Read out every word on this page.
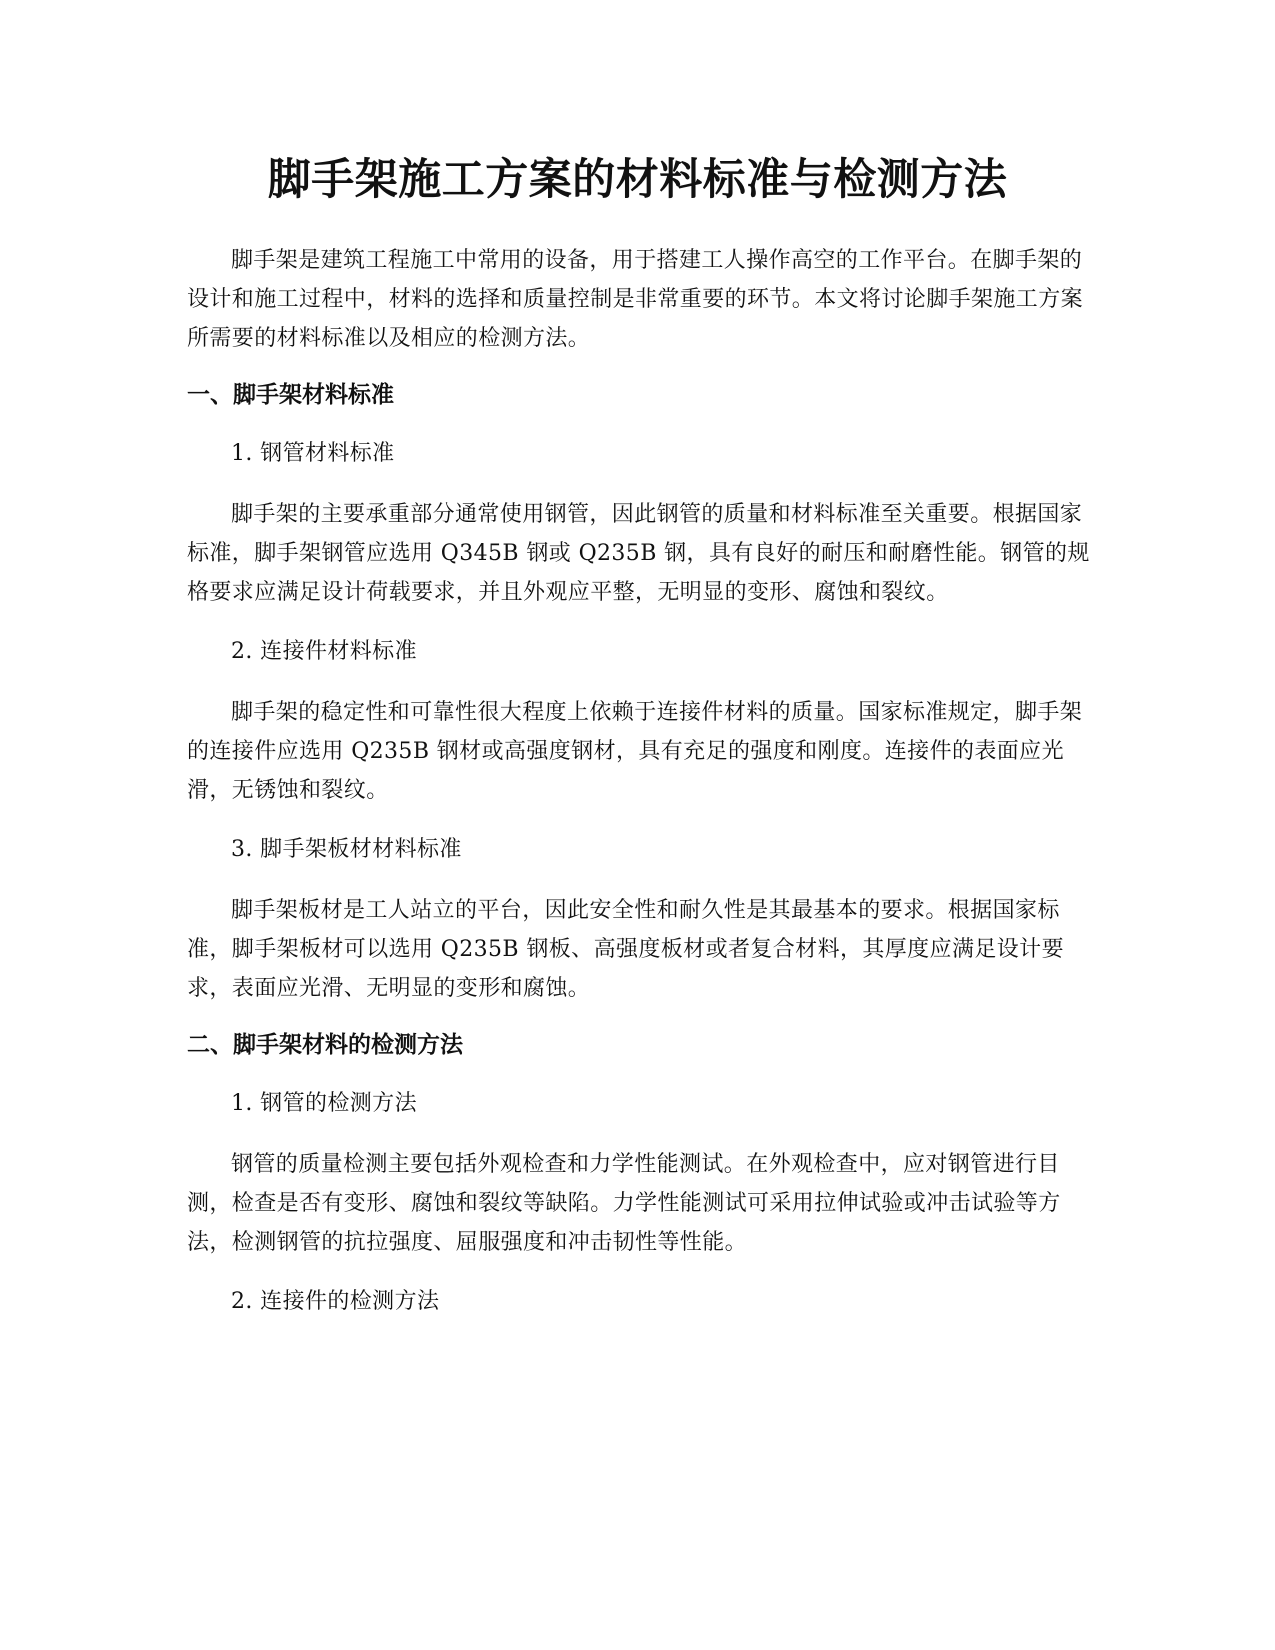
脚手架施工方案的材料标准与检测方法

脚手架是建筑工程施工中常用的设备，用于搭建工人操作高空的工作平台。在脚手架的设计和施工过程中，材料的选择和质量控制是非常重要的环节。本文将讨论脚手架施工方案所需要的材料标准以及相应的检测方法。

一、脚手架材料标准
1. 钢管材料标准

脚手架的主要承重部分通常使用钢管，因此钢管的质量和材料标准至关重要。根据国家标准，脚手架钢管应选用 Q345B 钢或 Q235B 钢，具有良好的耐压和耐磨性能。钢管的规格要求应满足设计荷载要求，并且外观应平整，无明显的变形、腐蚀和裂纹。

2. 连接件材料标准

脚手架的稳定性和可靠性很大程度上依赖于连接件材料的质量。国家标准规定，脚手架的连接件应选用 Q235B 钢材或高强度钢材，具有充足的强度和刚度。连接件的表面应光滑，无锈蚀和裂纹。

3. 脚手架板材材料标准

脚手架板材是工人站立的平台，因此安全性和耐久性是其最基本的要求。根据国家标准，脚手架板材可以选用 Q235B 钢板、高强度板材或者复合材料，其厚度应满足设计要求，表面应光滑、无明显的变形和腐蚀。

二、脚手架材料的检测方法
1. 钢管的检测方法

钢管的质量检测主要包括外观检查和力学性能测试。在外观检查中，应对钢管进行目测，检查是否有变形、腐蚀和裂纹等缺陷。力学性能测试可采用拉伸试验或冲击试验等方法，检测钢管的抗拉强度、屈服强度和冲击韧性等性能。

2. 连接件的检测方法
